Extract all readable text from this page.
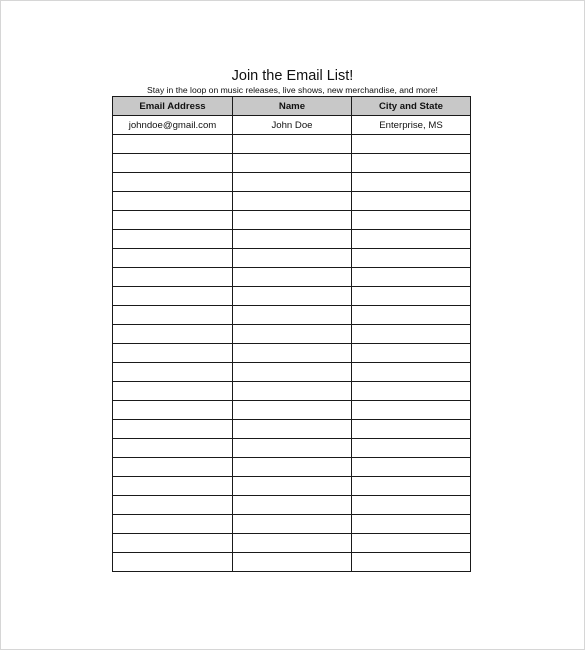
Join the Email List!
Stay in the loop on music releases, live shows, new merchandise, and more!
Email Address	Name	City and State
johndoe@gmail.com	John Doe	Enterprise, MS
